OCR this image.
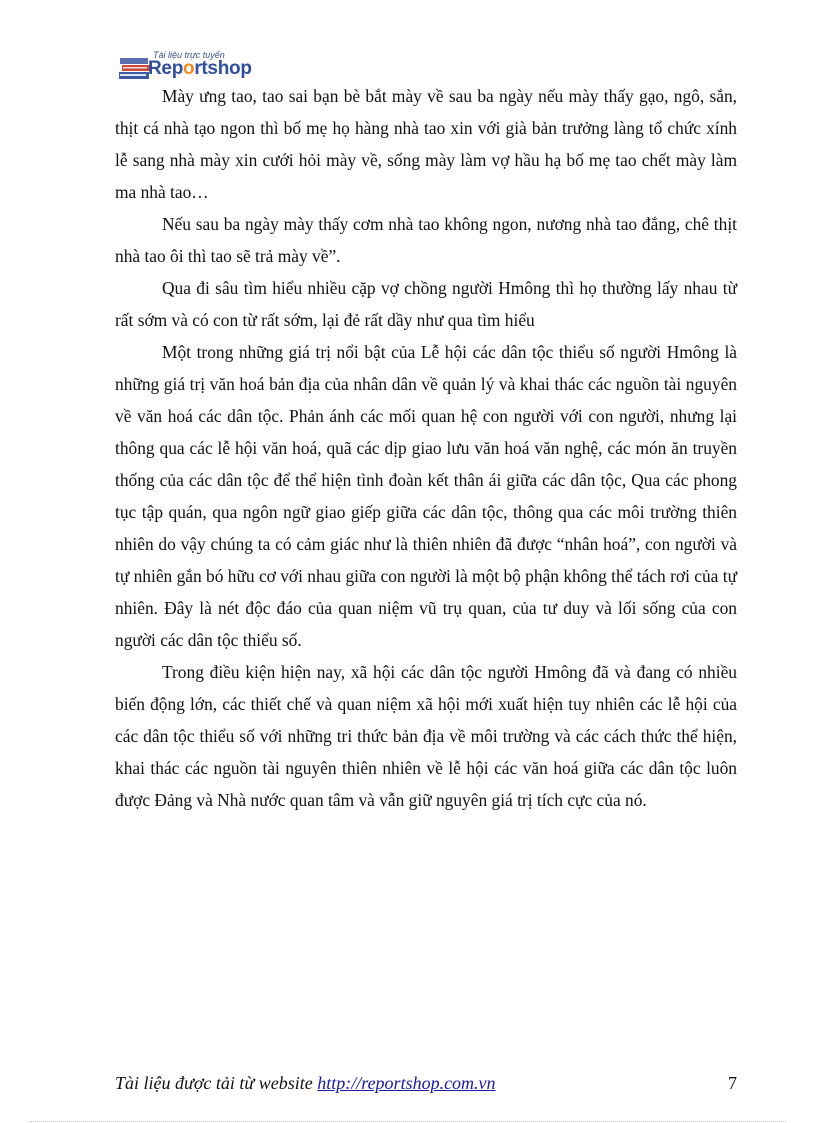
Tài liệu trực tuyến
Reportshop

Mày ưng tao, tao sai bạn bè bắt mày về sau ba ngày nếu mày thấy gạo, ngô, sắn, thịt cá nhà tạo ngon thì bố mẹ họ hàng nhà tao xin với già bản trưởng làng tổ chức xính lễ sang nhà mày xin cưới hỏi mày về, sống mày làm vợ hầu hạ bố mẹ tao chết mày làm ma nhà tao…

Nếu sau ba ngày mày thấy cơm nhà tao không ngon, nương nhà tao đắng, chê thịt nhà tao ôi thì tao sẽ trả mày về”.

Qua đi sâu tìm hiểu nhiều cặp vợ chồng người Hmông thì họ thường lấy nhau từ rất sớm và có con từ rất sớm, lại đẻ rất dầy như qua tìm hiểu

Một trong những giá trị nổi bật của Lễ hội các dân tộc thiểu số người Hmông là những giá trị văn hoá bản địa của nhân dân về quản lý và khai thác các nguồn tài nguyên về văn hoá các dân tộc. Phản ánh các mối quan hệ con người với con người, nhưng lại thông qua các lễ hội văn hoá, quã các dịp giao lưu văn hoá văn nghệ, các món ăn truyền thống của các dân tộc để thể hiện tình đoàn kết thân ái giữa các dân tộc, Qua các phong tục tập quán, qua ngôn ngữ giao giếp giữa các dân tộc, thông qua các môi trường thiên nhiên do vậy chúng ta có cảm giác như là thiên nhiên đã được “nhân hoá”, con người và tự nhiên gắn bó hữu cơ với nhau giữa con người là một bộ phận không thể tách rơi của tự nhiên. Đây là nét độc đáo của quan niệm vũ trụ quan, của tư duy và lối sống của con người các dân tộc thiểu số.

Trong điều kiện hiện nay, xã hội các dân tộc người Hmông đã và đang có nhiều biến động lớn, các thiết chế và quan niệm xã hội mới xuất hiện tuy nhiên các lễ hội của các dân tộc thiểu số với những tri thức bản địa về môi trường và các cách thức thể hiện, khai thác các nguồn tài nguyên thiên nhiên về lễ hội các văn hoá giữa các dân tộc luôn được Đảng và Nhà nước quan tâm và vẫn giữ nguyên giá trị tích cực của nó.

Tài liệu được tải từ website http://reportshop.com.vn	7
